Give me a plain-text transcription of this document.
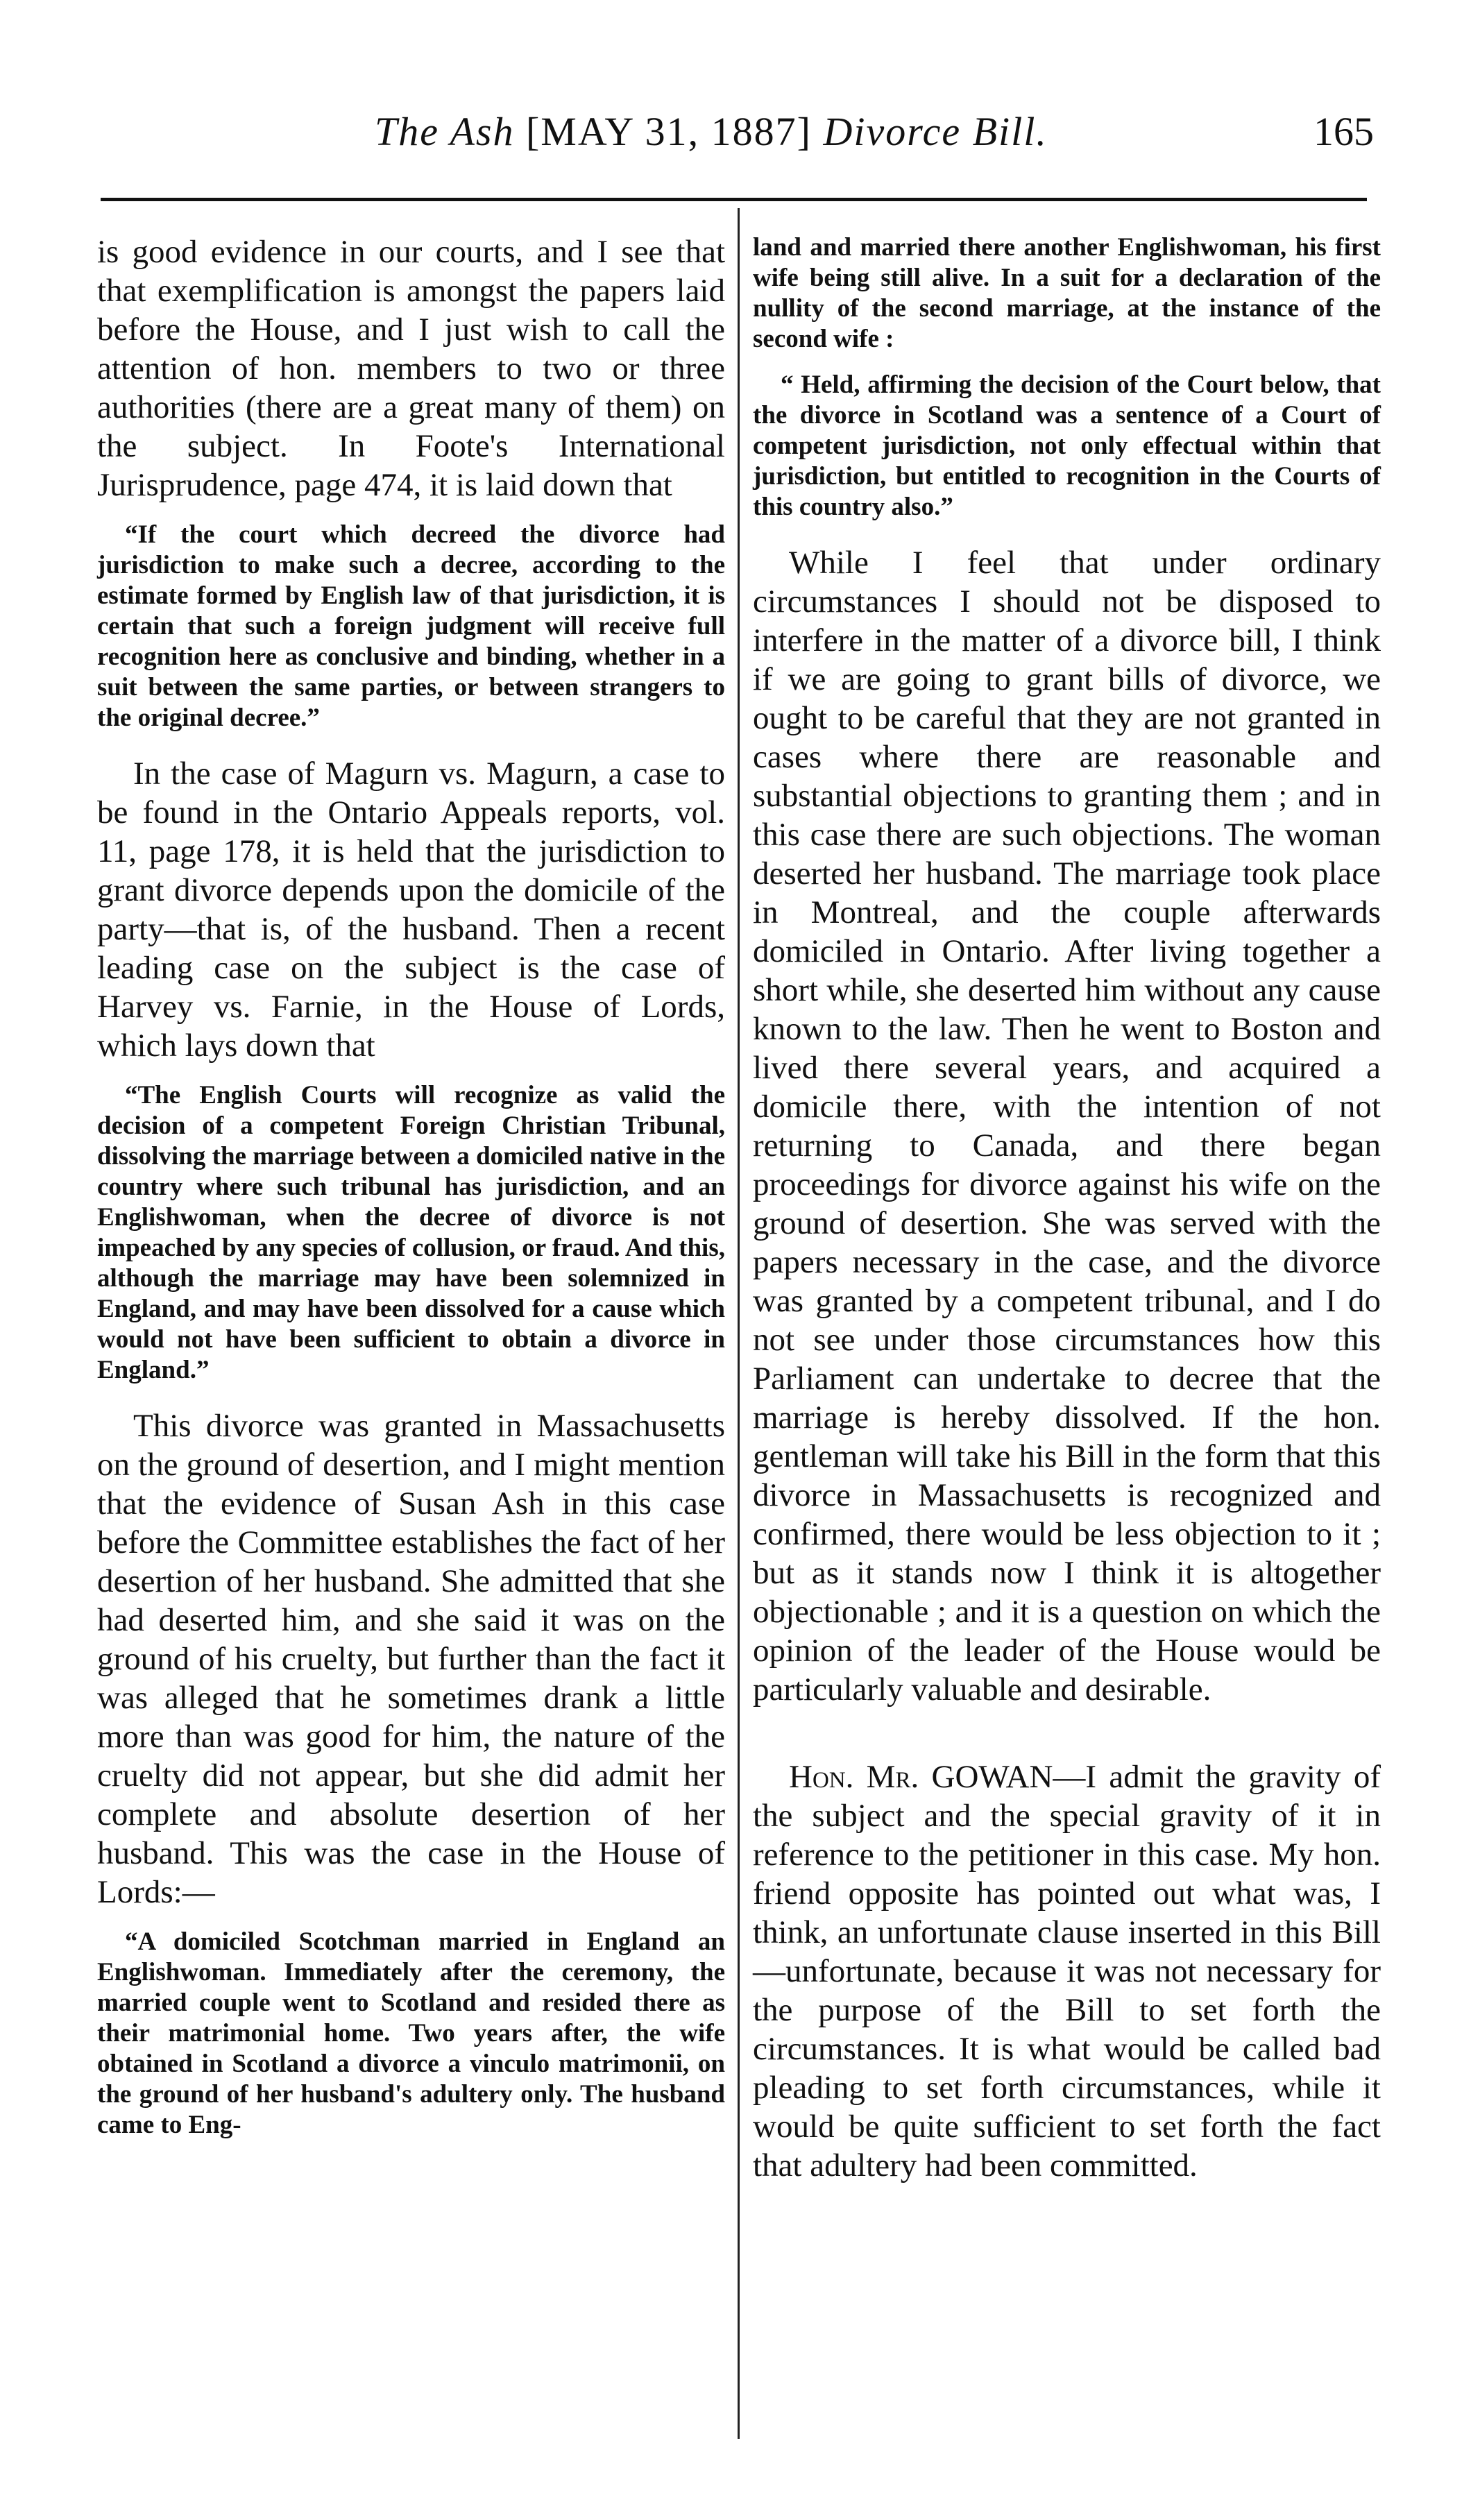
The Ash [MAY 31, 1887] Divorce Bill.	165

is good evidence in our courts, and I see that that exemplification is amongst the papers laid before the House, and I just wish to call the attention of hon. members to two or three authorities (there are a great many of them) on the subject. In Foote's International Jurisprudence, page 474, it is laid down that

“If the court which decreed the divorce had jurisdiction to make such a decree, according to the estimate formed by English law of that jurisdiction, it is certain that such a foreign judgment will receive full recognition here as conclusive and binding, whether in a suit between the same parties, or between strangers to the original decree.”

In the case of Magurn vs. Magurn, a case to be found in the Ontario Appeals reports, vol. 11, page 178, it is held that the jurisdiction to grant divorce depends upon the domicile of the party—that is, of the husband. Then a recent leading case on the subject is the case of Harvey vs. Farnie, in the House of Lords, which lays down that

“The English Courts will recognize as valid the decision of a competent Foreign Christian Tribunal, dissolving the marriage between a domiciled native in the country where such tribunal has jurisdiction, and an Englishwoman, when the decree of divorce is not impeached by any species of collusion, or fraud. And this, although the marriage may have been solemnized in England, and may have been dissolved for a cause which would not have been sufficient to obtain a divorce in England.”

This divorce was granted in Massachusetts on the ground of desertion, and I might mention that the evidence of Susan Ash in this case before the Committee establishes the fact of her desertion of her husband. She admitted that she had deserted him, and she said it was on the ground of his cruelty, but further than the fact it was alleged that he sometimes drank a little more than was good for him, the nature of the cruelty did not appear, but she did admit her complete and absolute desertion of her husband. This was the case in the House of Lords:—

“A domiciled Scotchman married in England an Englishwoman. Immediately after the ceremony, the married couple went to Scotland and resided there as their matrimonial home. Two years after, the wife obtained in Scotland a divorce a vinculo matrimonii, on the ground of her husband's adultery only. The husband came to Eng-

land and married there another Englishwoman, his first wife being still alive. In a suit for a declaration of the nullity of the second marriage, at the instance of the second wife :

“ Held, affirming the decision of the Court below, that the divorce in Scotland was a sentence of a Court of competent jurisdiction, not only effectual within that jurisdiction, but entitled to recognition in the Courts of this country also.”

While I feel that under ordinary circumstances I should not be disposed to interfere in the matter of a divorce bill, I think if we are going to grant bills of divorce, we ought to be careful that they are not granted in cases where there are reasonable and substantial objections to granting them ; and in this case there are such objections. The woman deserted her husband. The marriage took place in Montreal, and the couple afterwards domiciled in Ontario. After living together a short while, she deserted him without any cause known to the law. Then he went to Boston and lived there several years, and acquired a domicile there, with the intention of not returning to Canada, and there began proceedings for divorce against his wife on the ground of desertion. She was served with the papers necessary in the case, and the divorce was granted by a competent tribunal, and I do not see under those circumstances how this Parliament can undertake to decree that the marriage is hereby dissolved. If the hon. gentleman will take his Bill in the form that this divorce in Massachusetts is recognized and confirmed, there would be less objection to it ; but as it stands now I think it is altogether objectionable ; and it is a question on which the opinion of the leader of the House would be particularly valuable and desirable.

Hon. Mr. GOWAN—I admit the gravity of the subject and the special gravity of it in reference to the petitioner in this case. My hon. friend opposite has pointed out what was, I think, an unfortunate clause inserted in this Bill—unfortunate, because it was not necessary for the purpose of the Bill to set forth the circumstances. It is what would be called bad pleading to set forth circumstances, while it would be quite sufficient to set forth the fact that adultery had been committed.
